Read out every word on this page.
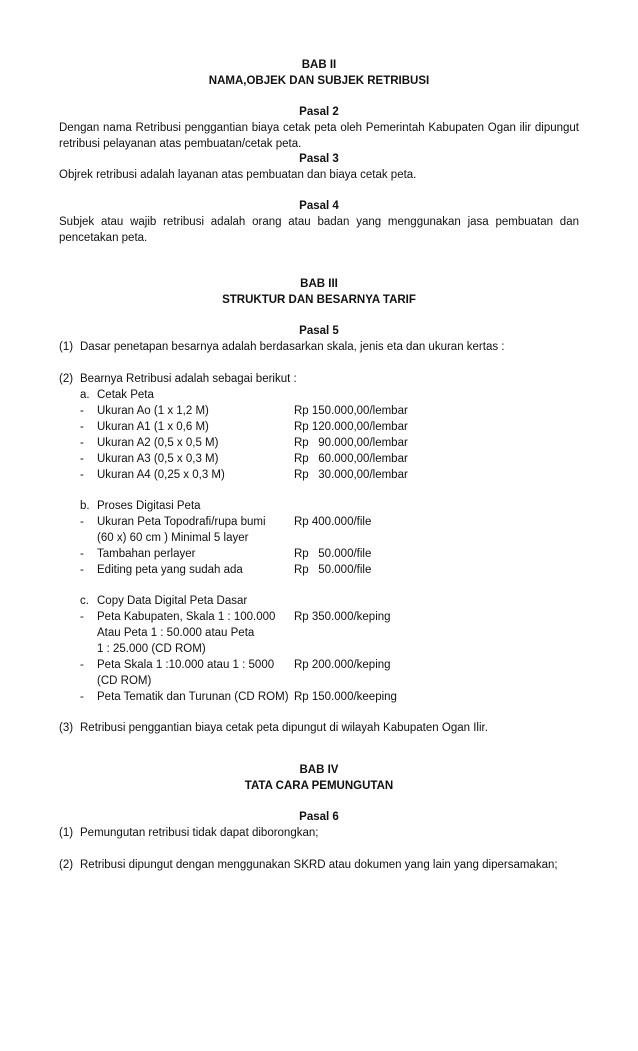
BAB II
NAMA,OBJEK DAN SUBJEK RETRIBUSI
Pasal 2
Dengan nama Retribusi penggantian biaya cetak peta oleh Pemerintah Kabupaten Ogan ilir dipungut retribusi pelayanan atas pembuatan/cetak peta.
Pasal 3
Objrek retribusi adalah layanan atas pembuatan dan biaya cetak peta.
Pasal 4
Subjek atau wajib retribusi adalah orang atau badan yang menggunakan jasa pembuatan dan pencetakan peta.
BAB III
STRUKTUR DAN BESARNYA TARIF
Pasal 5
(1) Dasar penetapan besarnya adalah berdasarkan skala, jenis eta dan ukuran kertas :
(2) Bearnya Retribusi adalah sebagai berikut :
a. Cetak Peta
- Ukuran Ao (1 x 1,2 M)	Rp 150.000,00/lembar
- Ukuran A1 (1 x 0,6 M)	Rp 120.000,00/lembar
- Ukuran A2 (0,5 x 0,5 M)	Rp   90.000,00/lembar
- Ukuran A3 (0,5 x 0,3 M)	Rp   60.000,00/lembar
- Ukuran A4 (0,25 x 0,3 M)	Rp   30.000,00/lembar
b. Proses Digitasi Peta
- Ukuran Peta Topodrafi/rupa bumi Rp 400.000/file
(60 x) 60 cm ) Minimal 5 layer
- Tambahan perlayer	Rp   50.000/file
- Editing peta yang sudah ada	Rp   50.000/file
c. Copy Data Digital Peta Dasar
- Peta Kabupaten, Skala 1 : 100.000 Rp 350.000/keping
Atau Peta 1 : 50.000 atau Peta
1 : 25.000 (CD ROM)
- Peta Skala 1 :10.000 atau 1 : 5000 Rp 200.000/keping
(CD ROM)
- Peta Tematik dan Turunan (CD ROM) Rp 150.000/keeping
(3) Retribusi penggantian biaya cetak peta dipungut di wilayah Kabupaten Ogan Ilir.
BAB IV
TATA CARA PEMUNGUTAN
Pasal 6
(1) Pemungutan retribusi tidak dapat diborongkan;
(2) Retribusi dipungut dengan menggunakan SKRD atau dokumen yang lain yang dipersamakan;
